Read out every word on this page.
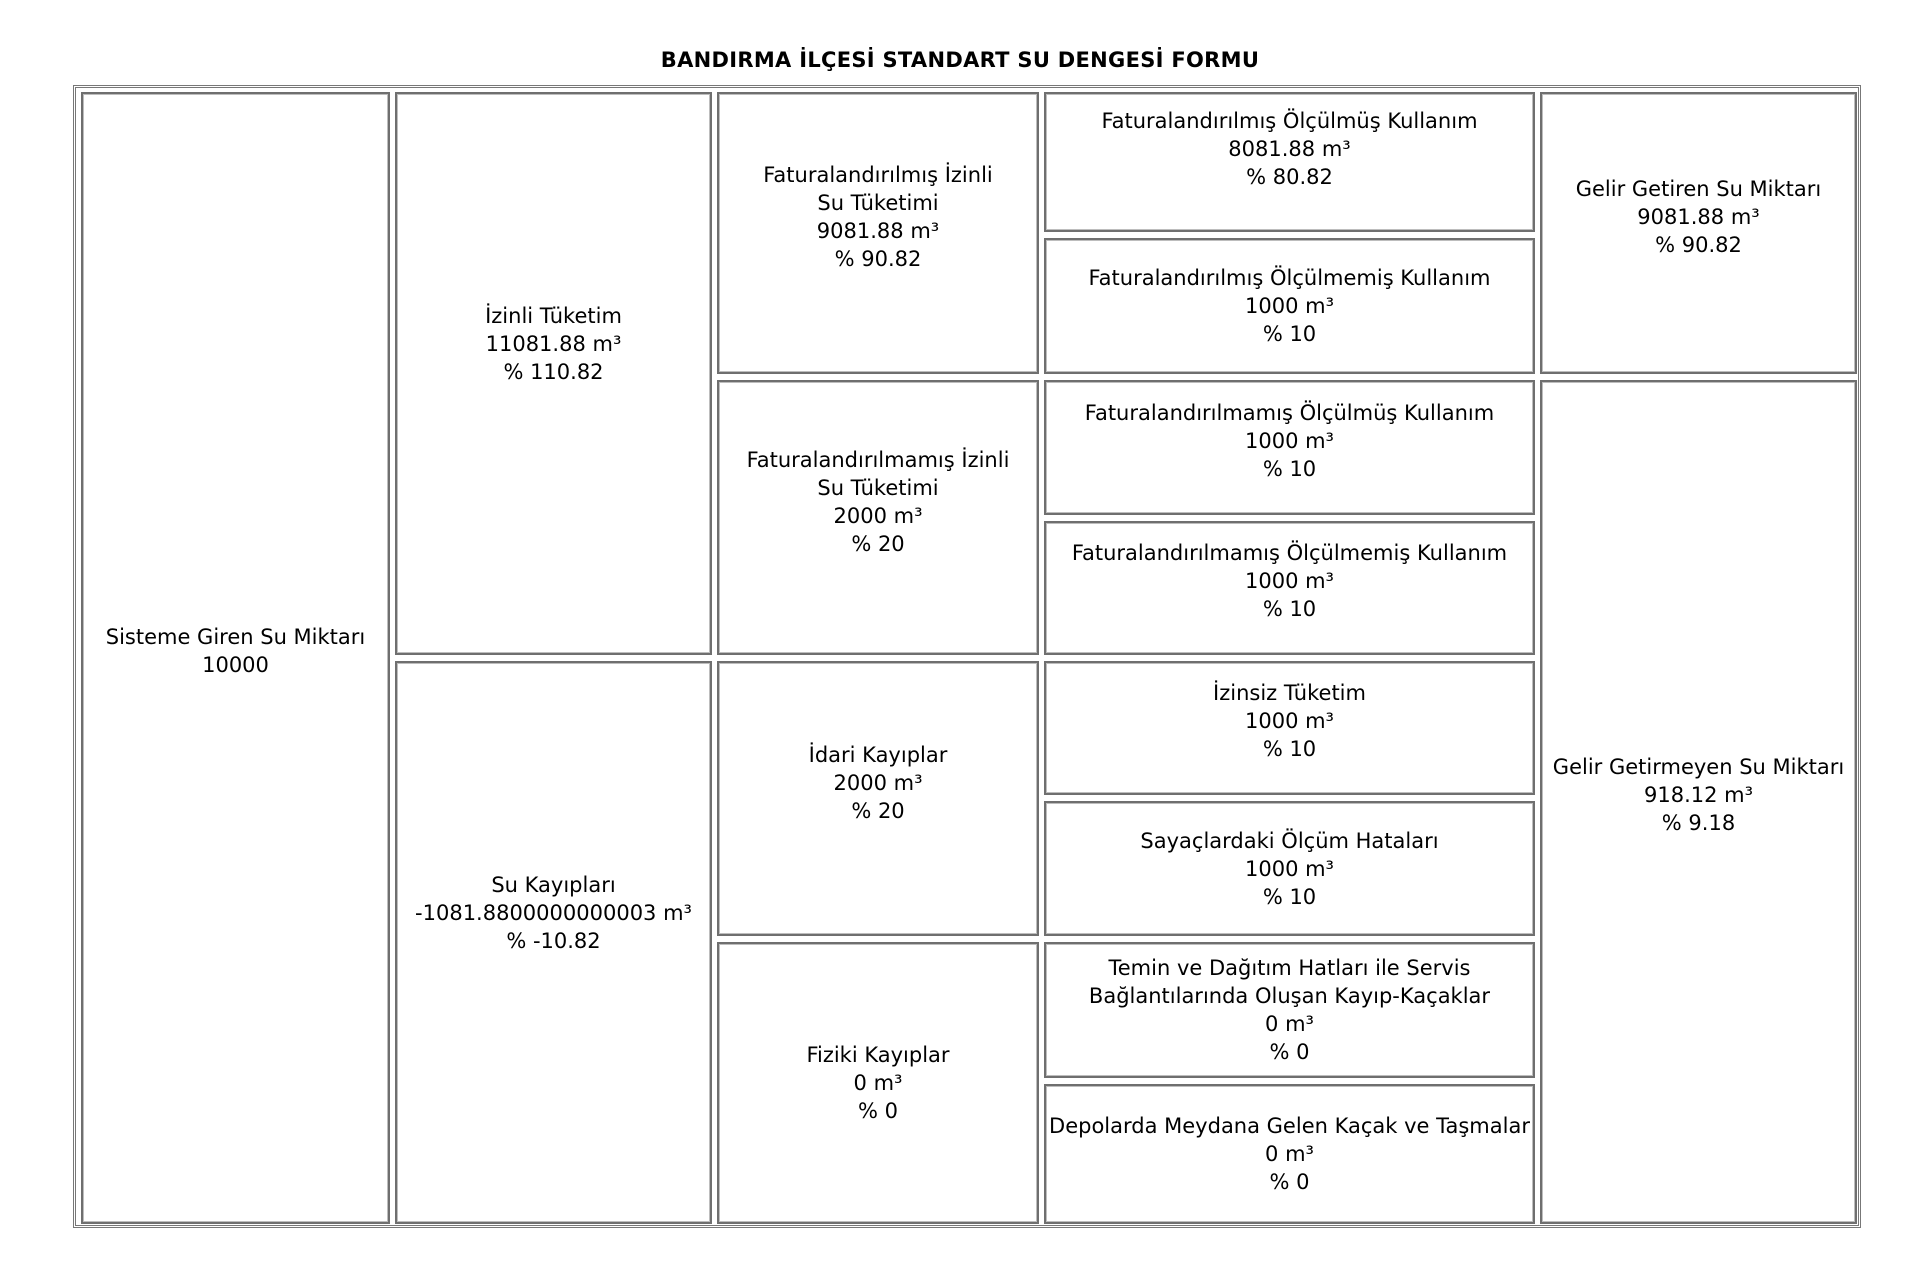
BANDIRMA İLÇESİ STANDART SU DENGESİ FORMU
Sisteme Giren Su Miktarı
10000
İzinli Tüketim
11081.88 m³
% 110.82
Su Kayıpları
-1081.8800000000003 m³
% -10.82
Faturalandırılmış İzinli
Su Tüketimi
9081.88 m³
% 90.82
Faturalandırılmamış İzinli
Su Tüketimi
2000 m³
% 20
İdari Kayıplar
2000 m³
% 20
Fiziki Kayıplar
0 m³
% 0
Faturalandırılmış Ölçülmüş Kullanım
8081.88 m³
% 80.82
Faturalandırılmış Ölçülmemiş Kullanım
1000 m³
% 10
Faturalandırılmamış Ölçülmüş Kullanım
1000 m³
% 10
Faturalandırılmamış Ölçülmemiş Kullanım
1000 m³
% 10
İzinsiz Tüketim
1000 m³
% 10
Sayaçlardaki Ölçüm Hataları
1000 m³
% 10
Temin ve Dağıtım Hatları ile Servis
Bağlantılarında Oluşan Kayıp-Kaçaklar
0 m³
% 0
Depolarda Meydana Gelen Kaçak ve Taşmalar
0 m³
% 0
Gelir Getiren Su Miktarı
9081.88 m³
% 90.82
Gelir Getirmeyen Su Miktarı
918.12 m³
% 9.18
